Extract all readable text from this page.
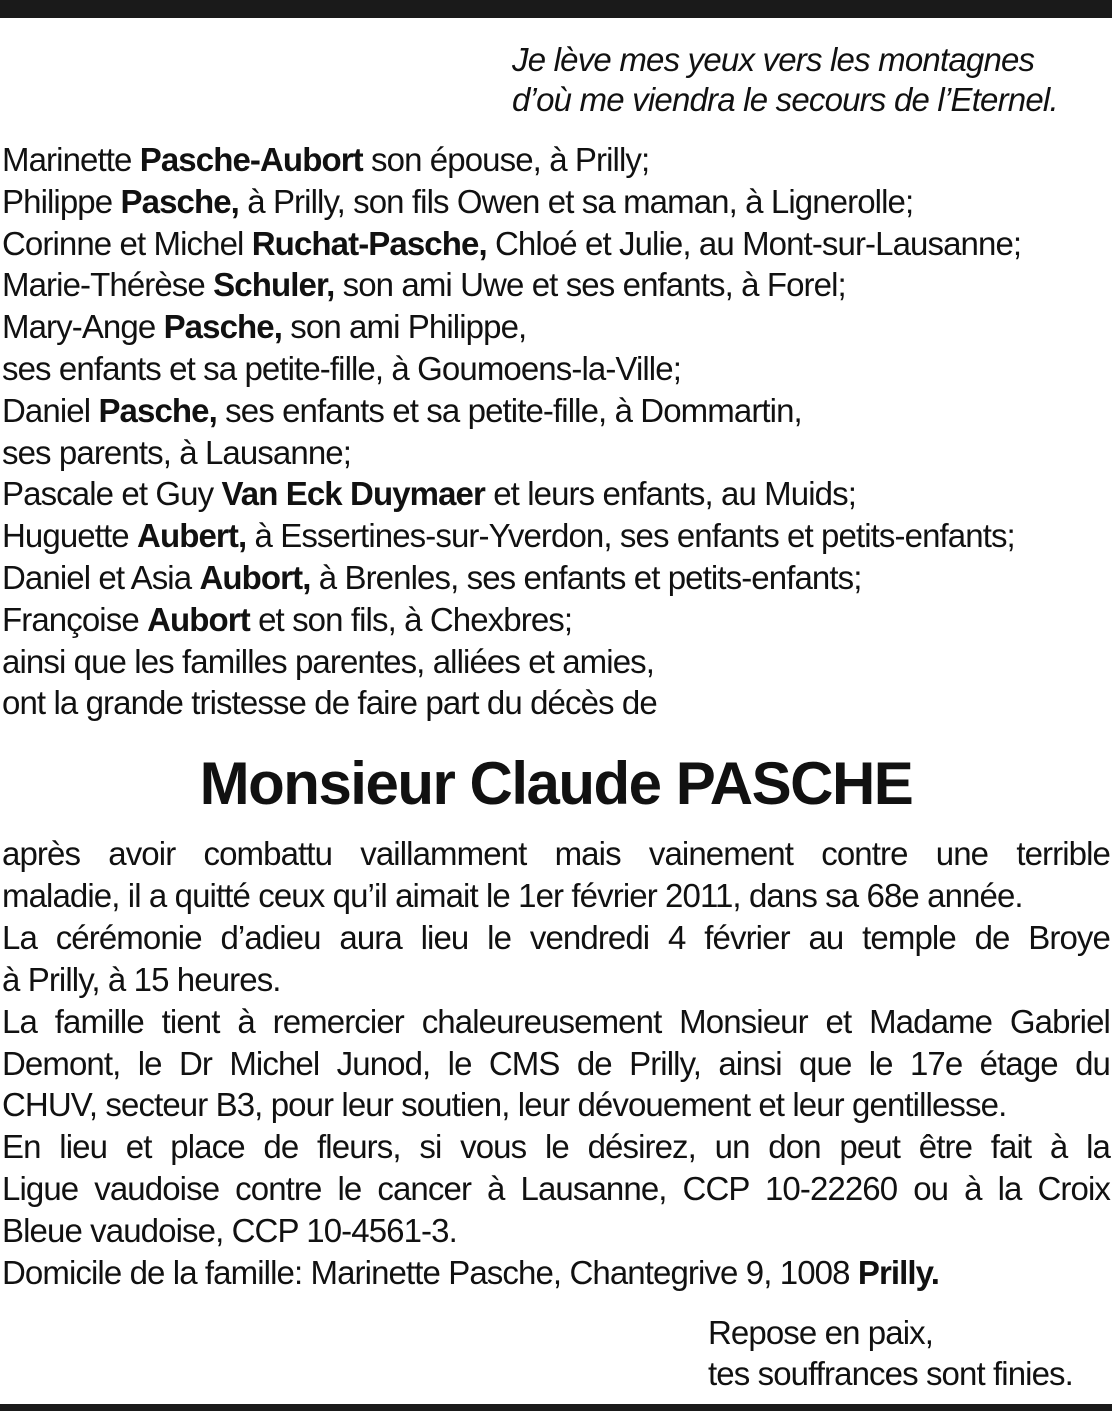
Je lève mes yeux vers les montagnes
d’où me viendra le secours de l’Eternel.
Marinette Pasche-Aubort son épouse, à Prilly;
Philippe Pasche, à Prilly, son fils Owen et sa maman, à Lignerolle;
Corinne et Michel Ruchat-Pasche, Chloé et Julie, au Mont-sur-Lausanne;
Marie-Thérèse Schuler, son ami Uwe et ses enfants, à Forel;
Mary-Ange Pasche, son ami Philippe,
ses enfants et sa petite-fille, à Goumoens-la-Ville;
Daniel Pasche, ses enfants et sa petite-fille, à Dommartin,
ses parents, à Lausanne;
Pascale et Guy Van Eck Duymaer et leurs enfants, au Muids;
Huguette Aubert, à Essertines-sur-Yverdon, ses enfants et petits-enfants;
Daniel et Asia Aubort, à Brenles, ses enfants et petits-enfants;
Françoise Aubort et son fils, à Chexbres;
ainsi que les familles parentes, alliées et amies,
ont la grande tristesse de faire part du décès de
Monsieur Claude PASCHE
après avoir combattu vaillamment mais vainement contre une terrible
maladie, il a quitté ceux qu’il aimait le 1er février 2011, dans sa 68e année.
La cérémonie d’adieu aura lieu le vendredi 4 février au temple de Broye
à Prilly, à 15 heures.
La famille tient à remercier chaleureusement Monsieur et Madame Gabriel
Demont, le Dr Michel Junod, le CMS de Prilly, ainsi que le 17e étage du
CHUV, secteur B3, pour leur soutien, leur dévouement et leur gentillesse.
En lieu et place de fleurs, si vous le désirez, un don peut être fait à la
Ligue vaudoise contre le cancer à Lausanne, CCP 10-22260 ou à la Croix
Bleue vaudoise, CCP 10-4561-3.
Domicile de la famille: Marinette Pasche, Chantegrive 9, 1008 Prilly.
Repose en paix,
tes souffrances sont finies.
